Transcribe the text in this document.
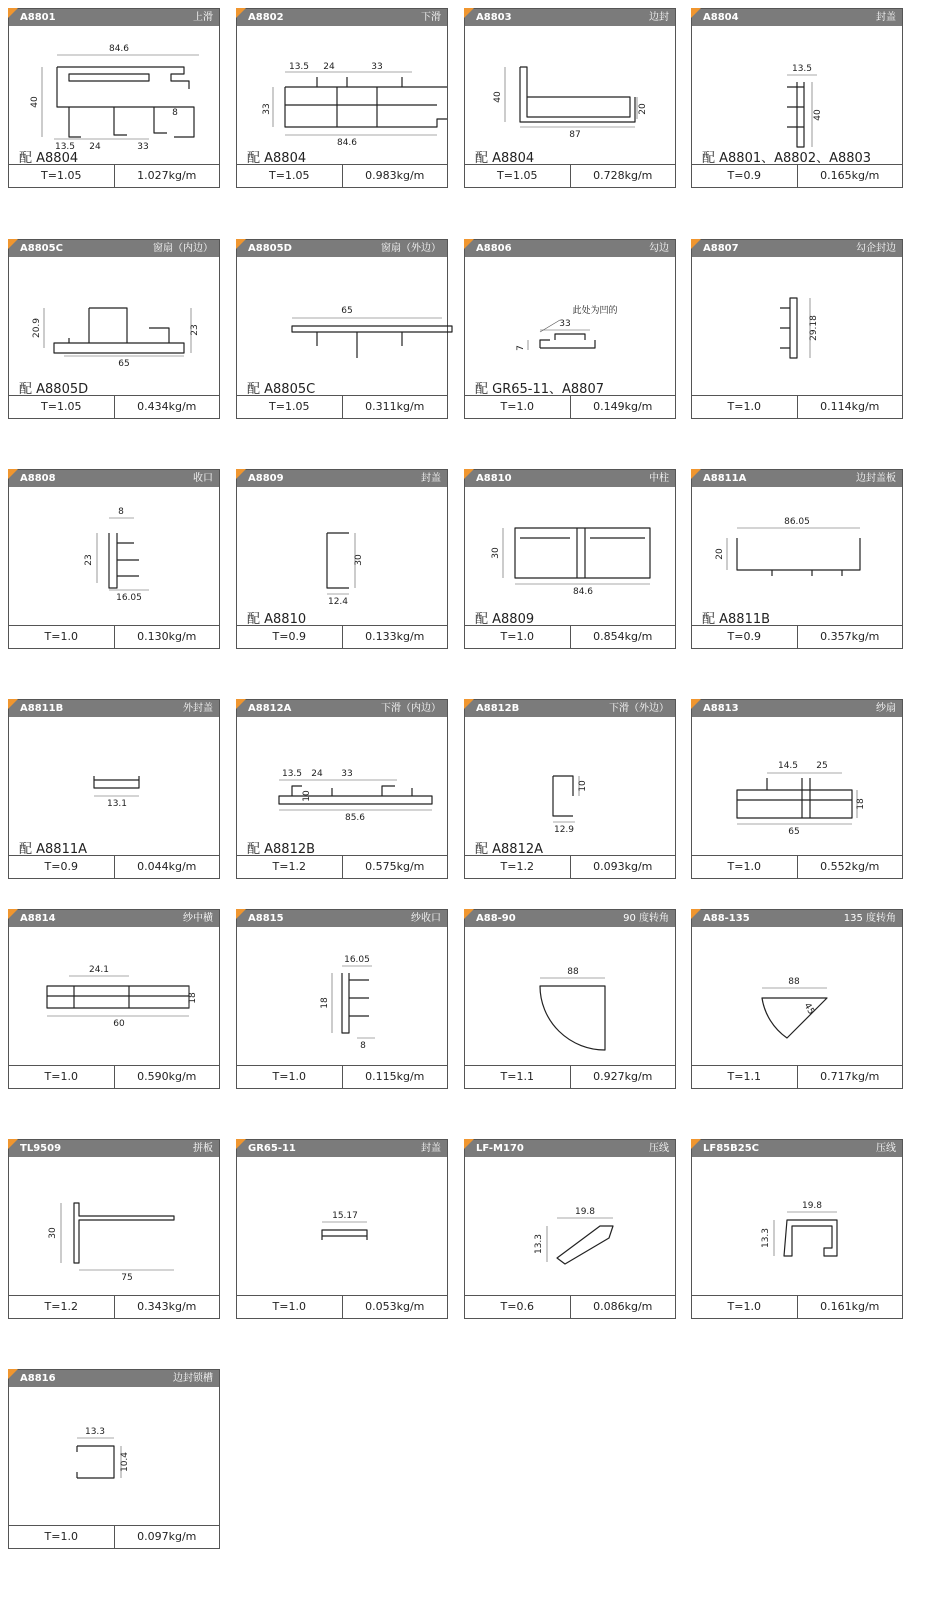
A8801	上滑
84.6
40
13.5 24	33
8
配 A8804
T=1.05	1.027kg/m
A8802	下滑
13.5 24	33
33
84.6
配 A8804
T=1.05	0.983kg/m
A8803	边封
40
20
87
配 A8804
T=1.05	0.728kg/m
A8804	封盖
13.5
40
配 A8801、A8802、A8803
T=0.9	0.165kg/m
A8805C	窗扇（内边）
20.9	23
65
配 A8805D
T=1.05	0.434kg/m
A8805D	窗扇（外边）
65
配 A8805C
T=1.05	0.311kg/m
A8806	勾边
此处为凹的
33
7
配 GR65-11、A8807
T=1.0	0.149kg/m
A8807	勾企封边
29.18
T=1.0	0.114kg/m
A8808	收口
8
23
16.05
T=1.0	0.130kg/m
A8809	封盖
30
12.4
配 A8810
T=0.9	0.133kg/m
A8810	中柱
30
84.6
配 A8809
T=1.0	0.854kg/m
A8811A	边封盖板
86.05
20
配 A8811B
T=0.9	0.357kg/m
A8811B	外封盖
13.1
配 A8811A
T=0.9	0.044kg/m
A8812A	下滑（内边）
13.5 24 33
10
85.6
配 A8812B
T=1.2	0.575kg/m
A8812B	下滑（外边）
10
12.9
配 A8812A
T=1.2	0.093kg/m
A8813	纱扇
14.5 25
18
65
T=1.0	0.552kg/m
A8814	纱中横
24.1
18
60
T=1.0	0.590kg/m
A8815	纱收口
16.05
18
8
T=1.0	0.115kg/m
A88-90	90 度转角
88
T=1.1	0.927kg/m
A88-135	135 度转角
88
45
T=1.1	0.717kg/m
TL9509	拼板
30
75
T=1.2	0.343kg/m
GR65-11	封盖
15.17
T=1.0	0.053kg/m
LF-M170	压线
19.8
13.3
T=0.6	0.086kg/m
LF85B25C	压线
19.8
13.3
T=1.0	0.161kg/m
A8816	边封锁槽
13.3
10.4
T=1.0	0.097kg/m
